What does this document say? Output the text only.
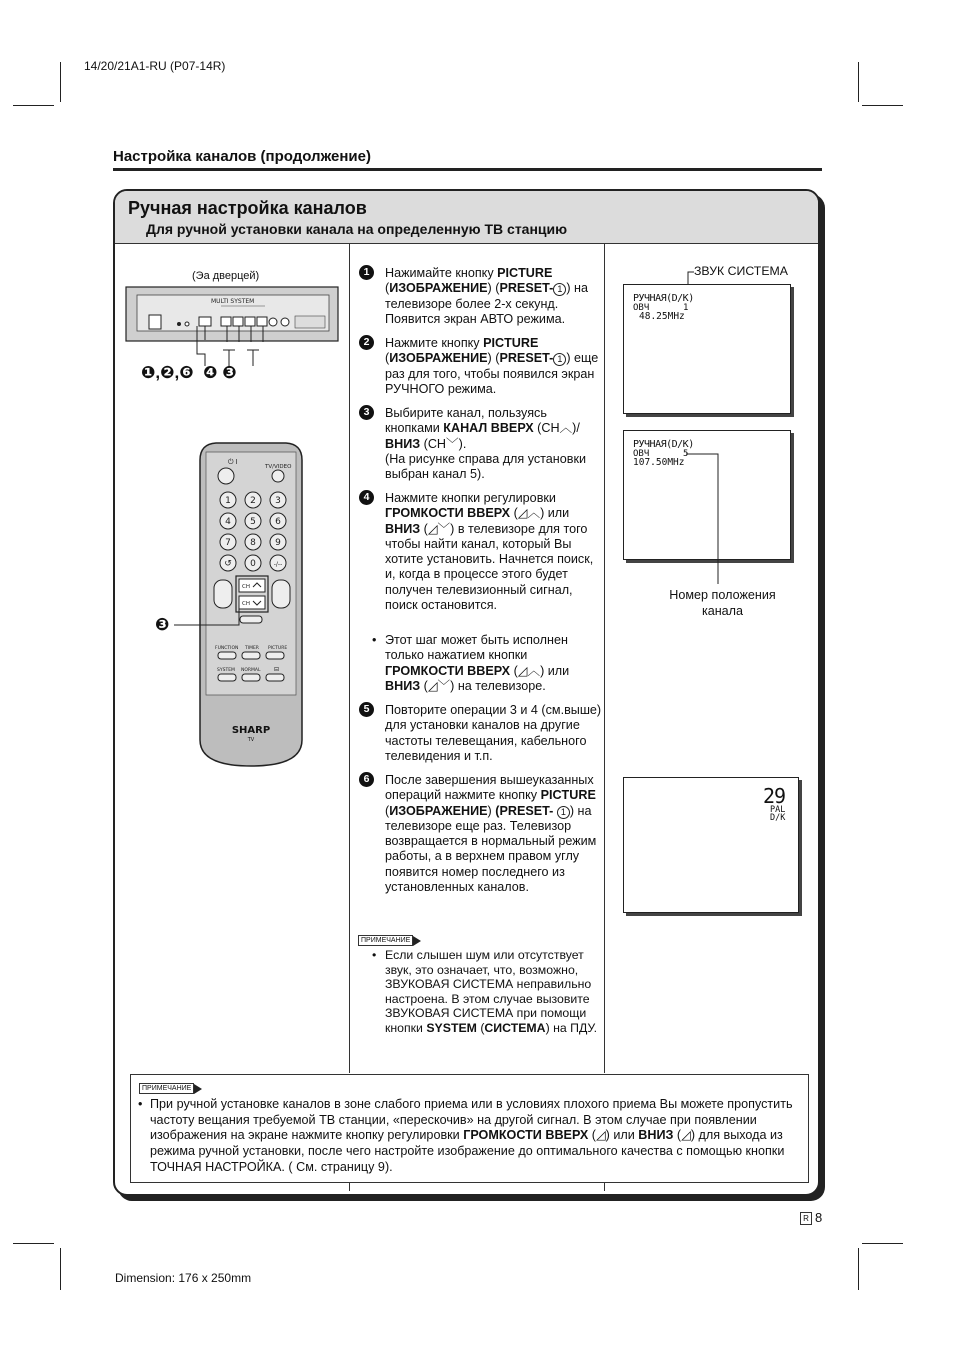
14/20/21A1-RU (P07-14R)
Настройка каналов (продолжение)
Ручная настройка каналов
Для ручной установки канала на определенную ТВ станцию
(Эа дверцей)
MULTI SYSTEM
❶,❷,❻  ❹ ❸
⏻ I
TV/VIDEO
1 2 3
4 5 6
7 8 9
↺ 0	-/--
CH
CH
FUNCTION TIMER PICTURE
SYSTEM NORMAL ⊟
SHARP
TV
❸
1	Нажимайте кнопку PICTURE (ИЗОБРАЖЕНИЕ) (PRESET- 1 ) на телевизоре более 2-х секунд. Появится экран АВТО режима.
2	Нажмите кнопку PICTURE (ИЗОБРАЖЕНИЕ) (PRESET- 1 ) еще раз для того, чтобы появился экран РУЧНОГО режима.
3	Выбирите канал, пользуясь кнопками КАНАЛ ВВЕРХ (CH︿)/ВНИЗ (CH﹀).
(На рисунке справа для установки выбран канал 5).
4	Нажмите кнопки регулировки ГРОМКОСТИ ВВЕРХ (◿︿) или ВНИЗ (◿﹀) в телевизоре для того чтобы найти канал, который Вы хотите установить. Начнется поиск, и, когда в процессе этого будет получен телевизионный сигнал, поиск остановится.
• Этот шаг может быть исполнен только нажатием кнопки ГРОМКОСТИ ВВЕРХ (◿︿) или ВНИЗ (◿﹀) на телевизоре.
5	Повторите операции 3 и 4 (см.выше) для установки каналов на другие частоты телевещания, кабельного телевидения и т.п.
6	После завершения вышеуказанных операций нажмите кнопку PICTURE (ИЗОБРАЖЕНИЕ) (PRESET- 1 ) на телевизоре еще раз. Телевизор возвращается в нормальный режим работы, а в верхнем правом углу появится номер последнего из установленных каналов.
ПРИМЕЧАНИЕ
• Если слышен шум или отсутствует звук, это означает, что, возможно, ЗВУКОВАЯ СИСТЕМА неправильно настроена. В этом случае вызовите ЗВУКОВАЯ СИСТЕМА при помощи кнопки SYSTEM (СИСТЕМА) на ПДУ.
ЗВУК СИСТЕМА
РУЧНАЯ(D/K)
ОВЧ	1
48.25MHz
РУЧНАЯ(D/K)
ОВЧ	5
107.50MHz
Номер положения канала
29
PAL
D/K
ПРИМЕЧАНИЕ
• При ручной установке каналов в зоне слабого приема или в условиях плохого приема Вы можете пропустить частоту вещания требуемой ТВ станции, «перескочив» на другой сигнал. В этом случае при появлении изображения на экране нажмите кнопку регулировки ГРОМКОСТИ ВВЕРХ (◿) или ВНИЗ (◿) для выхода из режима ручной установки, после чего настройте изображение до оптимального качества с помощью кнопки ТОЧНАЯ НАСТРОЙКА. ( См. страницу 9).
R 8
Dimension: 176 x 250mm
